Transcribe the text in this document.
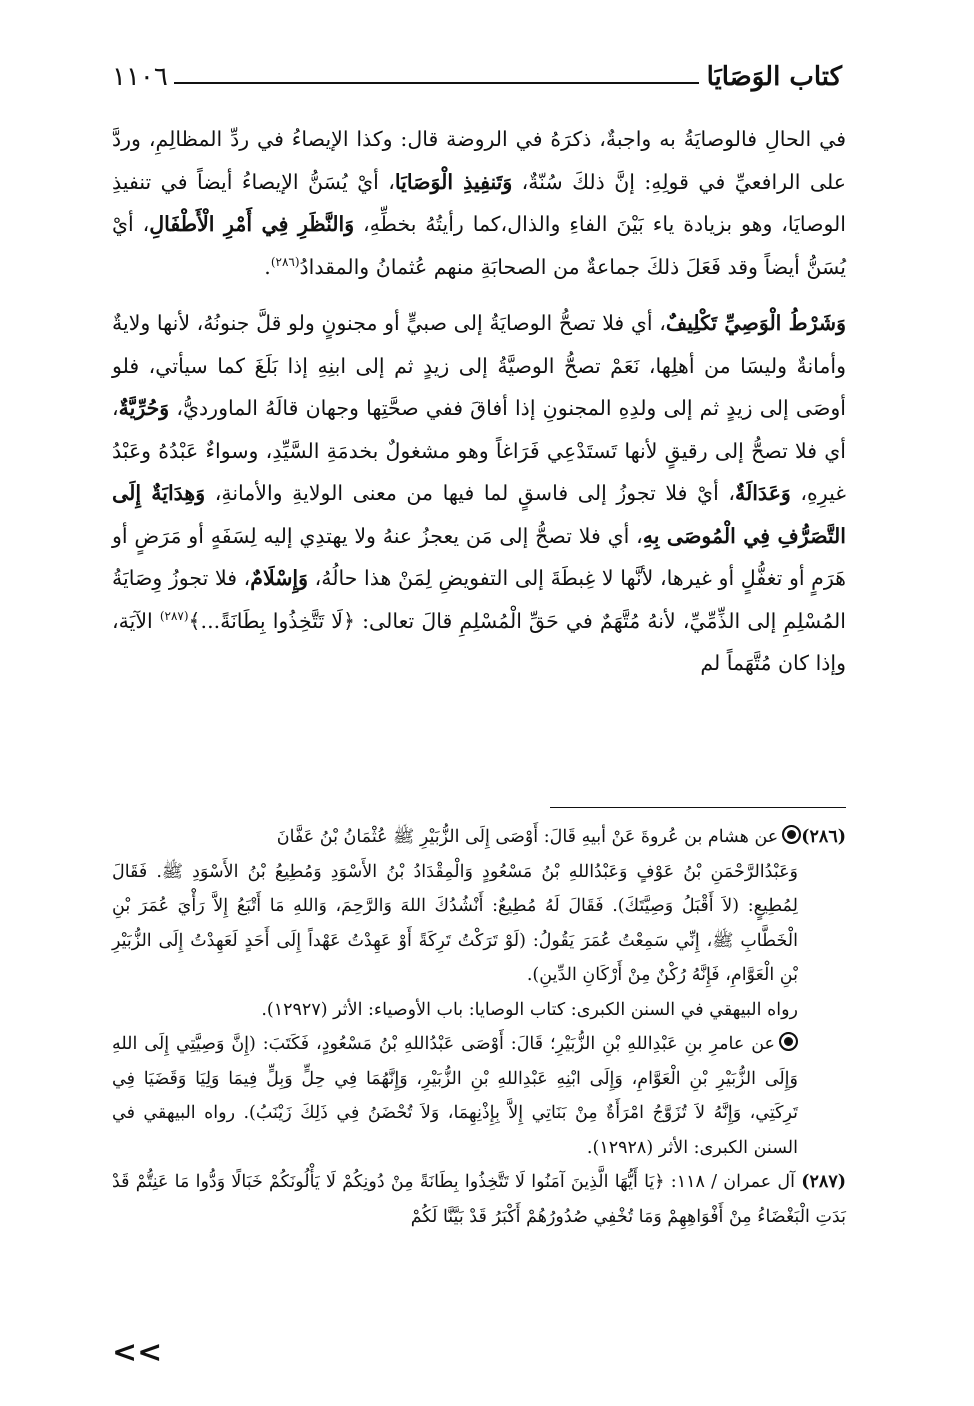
١١٠٦	كتاب الوَصَايَا

في الحالِ فالوصايَةُ به واجبةٌ، ذكرَهُ في الروضة قال: وكذا الإيصاءُ في ردِّ المظالِمِ، وردَّ على الرافعيِّ في قولِهِ: إنَّ ذلكَ سُنّةٌ، وَتَنفِيذِ الْوَصَايَا، أيْ يُسَنُّ الإيصاءُ أيضاً في تنفيذِ الوصايَا، وهو بزيادة ياء بَيْنَ الفاءِ والذال،كما رأيتُهُ بخطِّهِ، وَالنَّظَرِ فِي أَمْرِ الْأَطْفَالِ، أيْ يُسَنُّ أيضاً وقد فَعَلَ ذلكَ جماعةٌ من الصحابَةِ منهم عُثمانُ والمقدادُ$^{(٢٨٦)}$.

وَشَرْطُ الْوَصِيِّ تَكْلِيفٌ، أي فلا تصحُّ الوصايَةُ إلى صبيٍّ أو مجنونٍ ولو قلَّ جنونُهُ، لأنها ولايةٌ وأمانةٌ وليسَا من أهلِها، نَعَمْ تصحُّ الوصيَّةُ إلى زيدٍ ثم إلى ابنِهِ إذا بَلَغَ كما سيأتي، فلو أوصَى إلى زيدٍ ثم إلى ولدِهِ المجنونِ إذا أفاقَ ففي صحَّتِها وجهان قالَهُ الماورديُّ، وَحُرِّيَّةٌ، أي فلا تصحُّ إلى رقيقٍ لأنها تَستَدْعِي فَرَاغاً وهو مشغولٌ بخدمَةِ السَّيِّدِ، وسواءٌ عَبْدُهُ وعَبْدُ غيرِهِ، وَعَدَالَةٌ، أيْ فلا تجوزُ إلى فاسقٍ لما فيها من معنى الولايةِ والأمانةِ، وَهِدَايَةٌ إِلَى التَّصَرُّفِ فِي الْمُوصَى بِهِ، أي فلا تصحُّ إلى مَن يعجزُ عنهُ ولا يهتدِي إليه لِسَفَهٍ أو مَرَضٍ أو هَرَمٍ أو تغفُّلٍ أو غيرها، لأنَّها لا غِبطَةَ إلى التفويضِ لِمَنْ هذا حالُهُ، وَإِسْلَامٌ، فلا تجوزُ وِصَايَةُ المُسْلِمِ إلى الذِّمِّيِّ، لأنهُ مُتَّهَمٌ في حَقِّ الْمُسْلِمِ قالَ تعالى: ﴿لَا تَتَّخِذُوا بِطَانَةً...﴾$^{(٢٨٧)}$ الآيَة، وإذا كان مُتَّهَماً لم

(٢٨٦)عن هشام بن عُروةَ عَنْ أبيهِ قَالَ: أَوْصَى إِلَى الزُّبَيْرِ ﷺ عُثْمَانُ بْنُ عَفَّانَ

وَعَبْدُالرَّحْمَنِ بْنُ عَوْفٍ وَعَبْدُاللهِ بْنُ مَسْعُودٍ وَالْمِقْدَادُ بْنُ الأَسْوَدِ وَمُطِيعُ بْنُ الأَسْوَدِ ﷺ. فَقَالَ لِمُطِيعٍ: (لاَ أَقْبَلُ وَصِيَّتَكَ). فَقَالَ لَهُ مُطِيعٌ: أَنْشُدُكَ اللهَ وَالرَّحِمَ، وَاللهِ مَا أَتْبَعُ إِلاَّ رَأْيَ عُمَرَ بْنِ الْخَطَّابِ ﷺ، إِنِّي سَمِعْتُ عُمَرَ يَقُولُ: (لَوْ تَرَكْتُ تَرِكَةً أَوْ عَهِدْتُ عَهْداً إِلَى أَحَدٍ لَعَهِدْتُ إِلَى الزُّبَيْرِ بْنِ الْعَوَّامِ، فَإِنَّهُ رُكْنٌ مِنْ أَرْكَانِ الدِّينِ).

رواه البيهقي في السنن الكبرى: كتاب الوصايا: باب الأوصياء: الأثر (١٢٩٢٧).

عن عامرِ بنِ عَبْدِاللهِ بْنِ الزُّبَيْرِ؛ قَالَ: أَوْصَى عَبْدُاللهِ بْنُ مَسْعُودٍ، فَكَتَبَ: (إِنَّ وَصِيَّتِي إِلَى اللهِ وَإِلَى الزُّبَيْرِ بْنِ الْعَوَّامِ، وَإِلَى ابْنِهِ عَبْدِاللهِ بْنِ الزُّبَيْرِ، وَإِنَّهُمَا فِي حِلٍّ وَبِلٍّ فِيمَا وَلِيَا وَقَضَيَا فِي تَرِكَتِي، وَإِنَّهُ لاَ تُزَوَّجُ امْرَأَةٌ مِنْ بَنَاتِي إِلاَّ بِإِذْنِهِمَا، وَلاَ تُحْضَنُ فِي ذَلِكَ زَيْنَبُ). رواه البيهقي في السنن الكبرى: الأثر (١٢٩٢٨).

(٢٨٧) آل عمران / ١١٨: ﴿يَا أَيُّهَا الَّذِينَ آمَنُوا لَا تَتَّخِذُوا بِطَانَةً مِنْ دُونِكُمْ لَا يَأْلُونَكُمْ خَبَالًا وَدُّوا مَا عَنِتُّمْ قَدْ بَدَتِ الْبَغْضَاءُ مِنْ أَفْوَاهِهِمْ وَمَا تُخْفِي صُدُورُهُمْ أَكْبَرُ قَدْ بَيَّنَّا لَكُمْ

<<
